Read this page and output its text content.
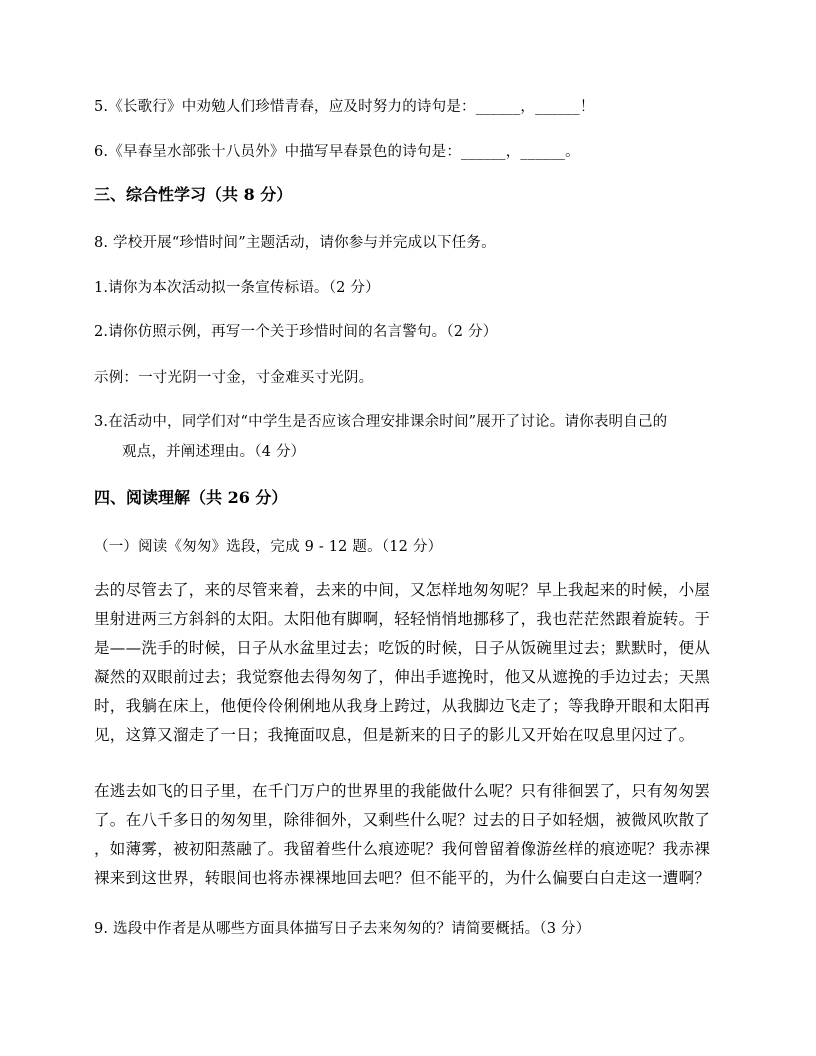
5.《长歌行》中劝勉人们珍惜青春，应及时努力的诗句是：______，______！

6.《早春呈水部张十八员外》中描写早春景色的诗句是：______，______。

三、综合性学习（共 8 分）

8. 学校开展“珍惜时间”主题活动，请你参与并完成以下任务。

1.请你为本次活动拟一条宣传标语。（2 分）

2.请你仿照示例，再写一个关于珍惜时间的名言警句。（2 分）

示例：一寸光阴一寸金，寸金难买寸光阴。

3.在活动中，同学们对“中学生是否应该合理安排课余时间”展开了讨论。请你表明自己的

观点，并阐述理由。（4 分）

四、阅读理解（共 26 分）

（一）阅读《匆匆》选段，完成 9 - 12 题。（12 分）

去的尽管去了，来的尽管来着，去来的中间，又怎样地匆匆呢？早上我起来的时候，小屋
里射进两三方斜斜的太阳。太阳他有脚啊，轻轻悄悄地挪移了，我也茫茫然跟着旋转。于
是——洗手的时候，日子从水盆里过去；吃饭的时候，日子从饭碗里过去；默默时，便从
凝然的双眼前过去；我觉察他去得匆匆了，伸出手遮挽时，他又从遮挽的手边过去；天黑
时，我躺在床上，他便伶伶俐俐地从我身上跨过，从我脚边飞走了；等我睁开眼和太阳再
见，这算又溜走了一日；我掩面叹息，但是新来的日子的影儿又开始在叹息里闪过了。
在逃去如飞的日子里，在千门万户的世界里的我能做什么呢？只有徘徊罢了，只有匆匆罢
了。在八千多日的匆匆里，除徘徊外，又剩些什么呢？过去的日子如轻烟，被微风吹散了
，如薄雾，被初阳蒸融了。我留着些什么痕迹呢？我何曾留着像游丝样的痕迹呢？我赤裸
裸来到这世界，转眼间也将赤裸裸地回去吧？但不能平的，为什么偏要白白走这一遭啊？

9. 选段中作者是从哪些方面具体描写日子去来匆匆的？请简要概括。（3 分）
